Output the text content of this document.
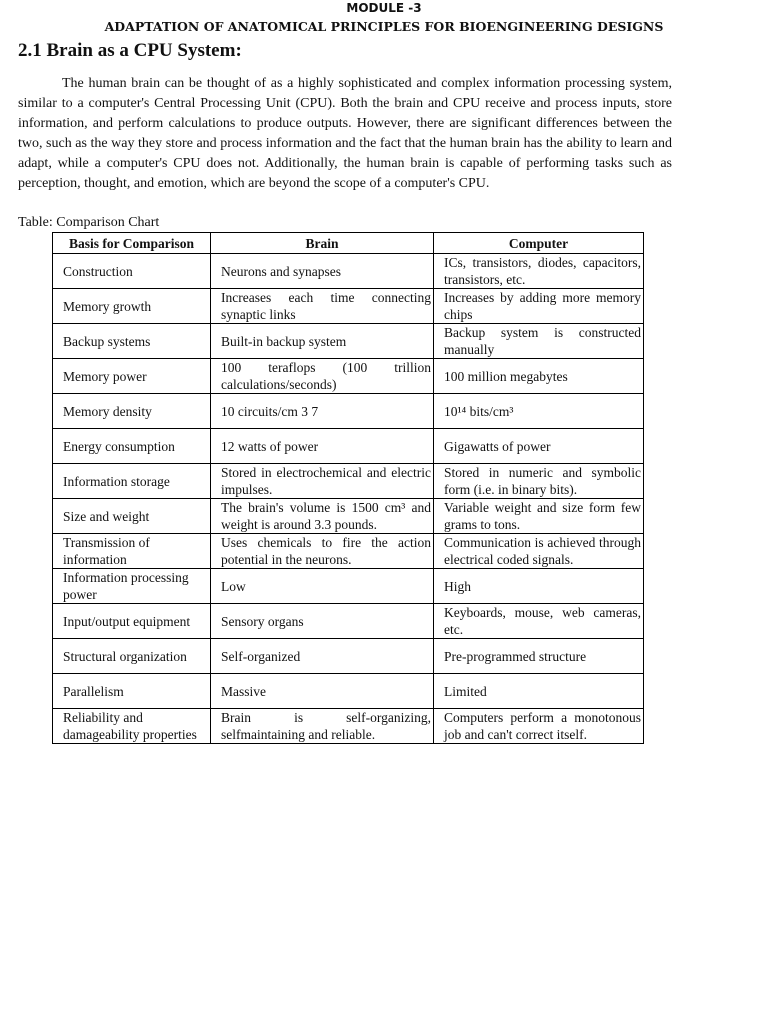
MODULE -3
ADAPTATION OF ANATOMICAL PRINCIPLES FOR BIOENGINEERING DESIGNS
2.1 Brain as a CPU System:

The human brain can be thought of as a highly sophisticated and complex information processing system, similar to a computer's Central Processing Unit (CPU). Both the brain and CPU receive and process inputs, store information, and perform calculations to produce outputs. However, there are significant differences between the two, such as the way they store and process information and the fact that the human brain has the ability to learn and adapt, while a computer's CPU does not. Additionally, the human brain is capable of performing tasks such as perception, thought, and emotion, which are beyond the scope of a computer's CPU.

Table: Comparison Chart
Basis for Comparison	Brain	Computer
Construction	Neurons and synapses	ICs, transistors, diodes, capacitors, transistors, etc.
Memory growth	Increases each time connecting synaptic links	Increases by adding more memory chips
Backup systems	Built-in backup system	Backup system is constructed manually
Memory power	100 teraflops (100 trillion calculations/seconds)	100 million megabytes
Memory density	10 circuits/cm 3 7	10¹⁴ bits/cm³
Energy consumption	12 watts of power	Gigawatts of power
Information storage	Stored in electrochemical and electric impulses.	Stored in numeric and symbolic form (i.e. in binary bits).
Size and weight	The brain's volume is 1500 cm³ and weight is around 3.3 pounds.	Variable weight and size form few grams to tons.
Transmission of information	Uses chemicals to fire the action potential in the neurons.	Communication is achieved through electrical coded signals.
Information processing power	Low	High
Input/output equipment	Sensory organs	Keyboards, mouse, web cameras, etc.
Structural organization	Self-organized	Pre-programmed structure
Parallelism	Massive	Limited
Reliability and damageability properties	Brain is self-organizing, selfmaintaining and reliable.	Computers perform a monotonous job and can't correct itself.
